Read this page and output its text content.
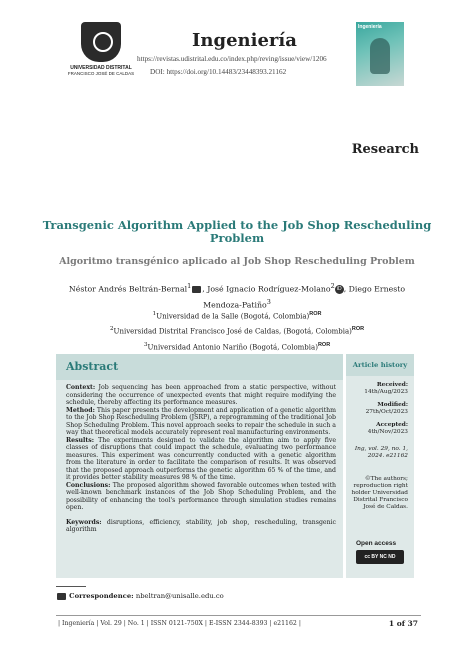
UNIVERSIDAD DISTRITAL
FRANCISCO JOSÉ DE CALDAS
Ingeniería
https://revistas.udistrital.edu.co/index.php/reving/issue/view/1206
DOI: https://doi.org/10.14483/23448393.21162
Ingeniería
Research
Transgenic Algorithm Applied to the Job Shop Rescheduling Problem
Algoritmo transgénico aplicado al Job Shop Rescheduling Problem
Néstor Andrés Beltrán-Bernal$^1$ , José Ignacio Rodríguez-Molano$^2$ iD , Diego Ernesto
Mendoza-Patiño$^3$
$^1$Universidad de la Salle (Bogotá, Colombia)$^{ROR}$
$^2$Universidad Distrital Francisco José de Caldas, (Bogotá, Colombia)$^{ROR}$
$^3$Universidad Antonio Nariño (Bogotá, Colombia)$^{ROR}$
Abstract

Context: Job sequencing has been approached from a static perspective, without considering the occurrence of unexpected events that might require modifying the schedule, thereby affecting its performance measures.

Method: This paper presents the development and application of a genetic algorithm to the Job Shop Rescheduling Problem (JSRP), a reprogramming of the traditional Job Shop Scheduling Problem. This novel approach seeks to repair the schedule in such a way that theoretical models accurately represent real manufacturing environments.

Results: The experiments designed to validate the algorithm aim to apply five classes of disruptions that could impact the schedule, evaluating two performance measures. This experiment was concurrently conducted with a genetic algorithm from the literature in order to facilitate the comparison of results. It was observed that the proposed approach outperforms the genetic algorithm 65 % of the time, and it provides better stability measures 98 % of the time.

Conclusions: The proposed algorithm showed favorable outcomes when tested with well-known benchmark instances of the Job Shop Scheduling Problem, and the possibility of enhancing the tool's performance through simulation studies remains open.

Keywords: disruptions, efficiency, stability, job shop, rescheduling, transgenic algorithm

Article history
Received:
14th/Aug/2023
Modified:
27th/Oct/2023
Accepted:
4th/Nov/2023
Ing, vol. 29, no. 1, 2024. e21162
©The authors; reproduction right holder Universidad Distrital Francisco José de Caldas.
Open access
cc BY NC ND
Correspondence: nbeltran@unisalle.edu.co
| Ingeniería | Vol. 29 | No. 1 | ISSN 0121-750X | E-ISSN 2344-8393 | e21162 |	1 of 37
